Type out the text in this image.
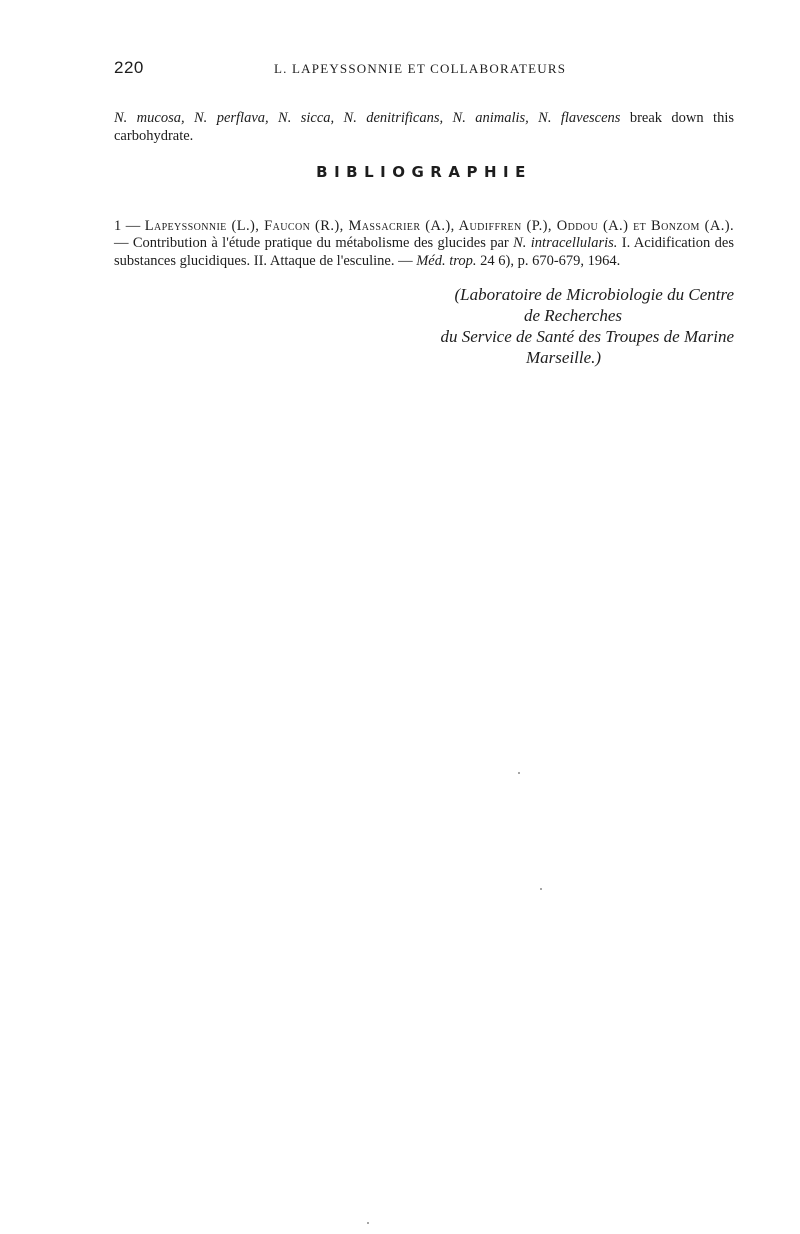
220	L. LAPEYSSONNIE ET COLLABORATEURS

N. mucosa, N. perflava, N. sicca, N. denitrificans, N. animalis, N. flavescens break down this carbohydrate.

BIBLIOGRAPHIE

1 — Lapeyssonnie (L.), Faucon (R.), Massacrier (A.), Audiffren (P.), Oddou (A.) et Bonzom (A.). — Contribution à l'étude pratique du métabolisme des glucides par N. intracellularis. I. Acidification des substances glucidiques. II. Attaque de l'esculine. — Méd. trop. 24 6), p. 670-679, 1964.

(Laboratoire de Microbiologie du Centre
de Recherches
du Service de Santé des Troupes de Marine
Marseille.)
